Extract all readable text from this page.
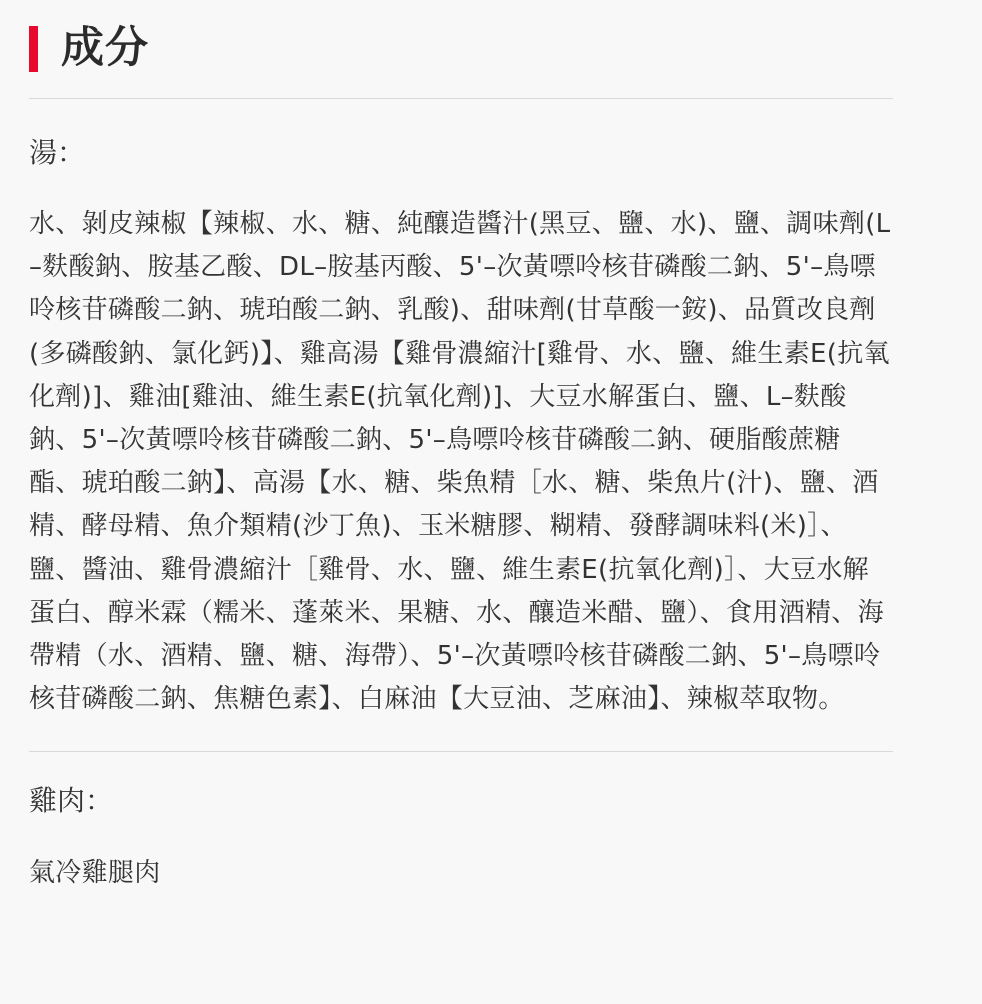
成分

湯：

水、剝皮辣椒【辣椒、水、糖、純釀造醬汁(黑豆、鹽、水)、鹽、調味劑(L–麩酸鈉、胺基乙酸、DL–胺基丙酸、5'–次黃嘌呤核苷磷酸二鈉、5'–鳥嘌呤核苷磷酸二鈉、琥珀酸二鈉、乳酸)、甜味劑(甘草酸一銨)、品質改良劑(多磷酸鈉、氯化鈣)】、雞高湯【雞骨濃縮汁[雞骨、水、鹽、維生素E(抗氧化劑)]、雞油[雞油、維生素E(抗氧化劑)]、大豆水解蛋白、鹽、L–麩酸鈉、5'–次黃嘌呤核苷磷酸二鈉、5'–鳥嘌呤核苷磷酸二鈉、硬脂酸蔗糖酯、琥珀酸二鈉】、高湯【水、糖、柴魚精［水、糖、柴魚片(汁)、鹽、酒精、酵母精、魚介類精(沙丁魚)、玉米糖膠、糊精、發酵調味料(米)］、鹽、醬油、雞骨濃縮汁［雞骨、水、鹽、維生素E(抗氧化劑)］、大豆水解蛋白、醇米霖（糯米、蓬萊米、果糖、水、釀造米醋、鹽）、食用酒精、海帶精（水、酒精、鹽、糖、海帶）、5'–次黃嘌呤核苷磷酸二鈉、5'–鳥嘌呤核苷磷酸二鈉、焦糖色素】、白麻油【大豆油、芝麻油】、辣椒萃取物。

雞肉：

氣冷雞腿肉
